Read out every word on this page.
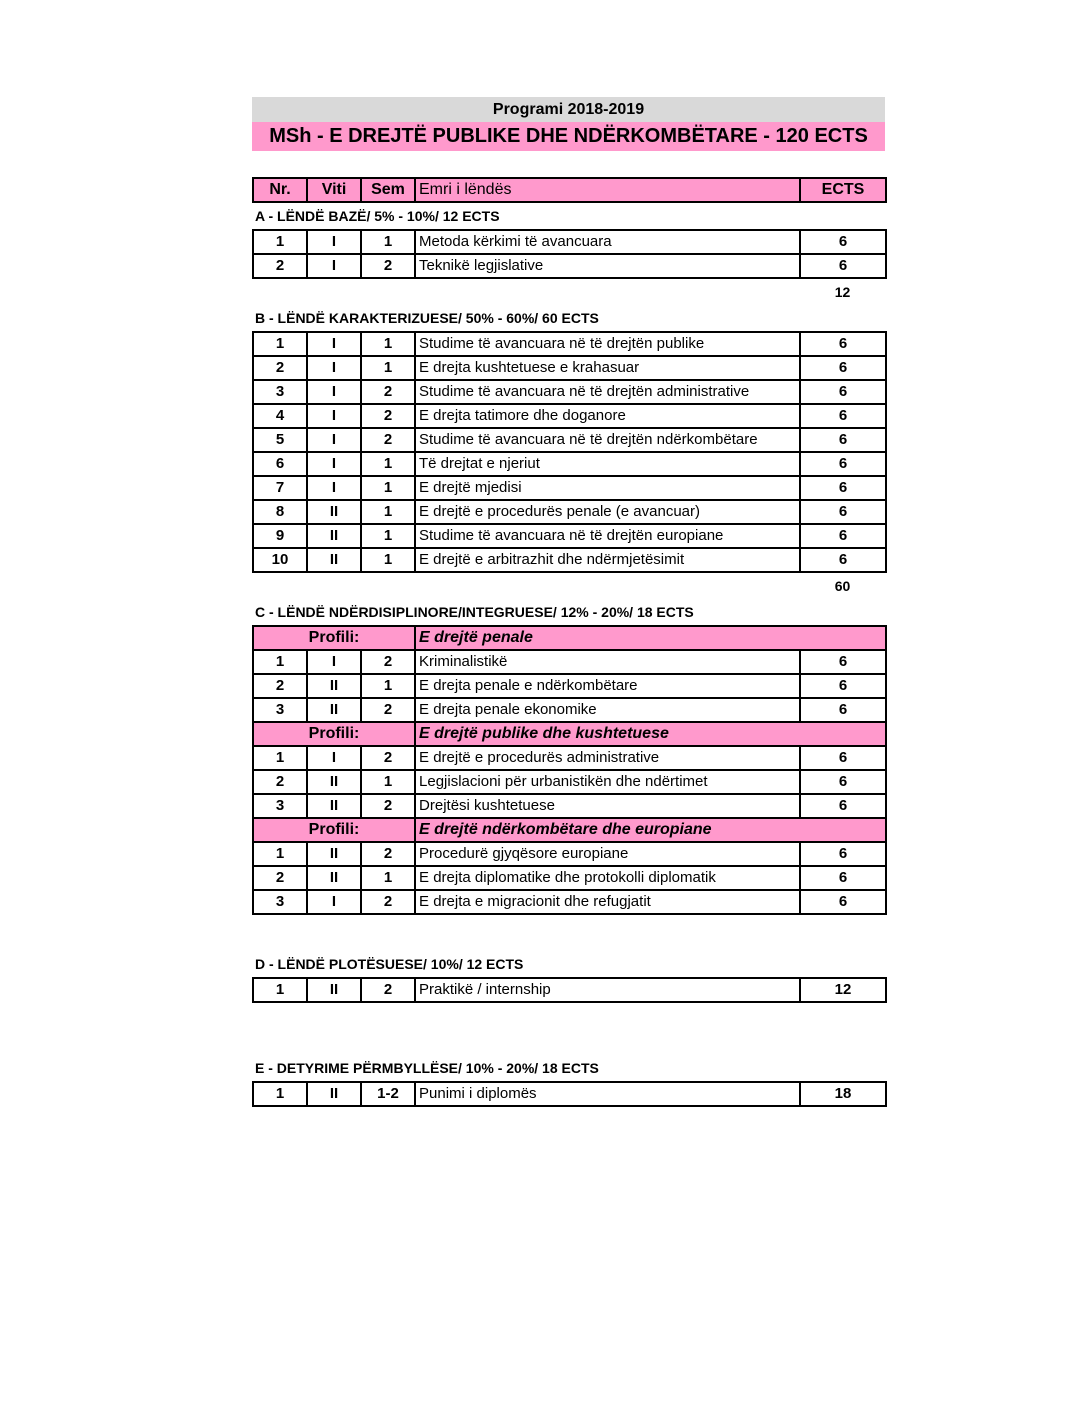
Programi 2018-2019
MSh - E DREJTË PUBLIKE DHE NDËRKOMBËTARE - 120 ECTS
Nr.	Viti	Sem	Emri i lëndës	ECTS
A - LËNDË BAZË/ 5% - 10%/ 12 ECTS
1	I	1	Metoda kërkimi të avancuara	6
2	I	2	Teknikë legjislative	6
12
B - LËNDË KARAKTERIZUESE/ 50% - 60%/ 60 ECTS
1	I	1	Studime të avancuara në të drejtën publike	6
2	I	1	E drejta kushtetuese e krahasuar	6
3	I	2	Studime të avancuara në të drejtën administrative	6
4	I	2	E drejta tatimore dhe doganore	6
5	I	2	Studime të avancuara në të drejtën ndërkombëtare	6
6	I	1	Të drejtat e njeriut	6
7	I	1	E drejtë mjedisi	6
8	II	1	E drejtë e procedurës penale (e avancuar)	6
9	II	1	Studime të avancuara në të drejtën europiane	6
10	II	1	E drejtë e arbitrazhit dhe ndërmjetësimit	6
60
C - LËNDË NDËRDISIPLINORE/INTEGRUESE/ 12% - 20%/ 18 ECTS
Profili:			E drejtë penale	
1	I	2	Kriminalistikë	6
2	II	1	E drejta penale e ndërkombëtare	6
3	II	2	E drejta penale ekonomike	6
Profili:			E drejtë publike dhe kushtetuese	
1	I	2	E drejtë e procedurës administrative	6
2	II	1	Legjislacioni për urbanistikën dhe ndërtimet	6
3	II	2	Drejtësi kushtetuese	6
Profili:			E drejtë ndërkombëtare dhe europiane	
1	II	2	Procedurë gjyqësore europiane	6
2	II	1	E drejta diplomatike dhe protokolli diplomatik	6
3	I	2	E drejta e migracionit dhe refugjatit	6
D - LËNDË PLOTËSUESE/ 10%/ 12 ECTS
1	II	2	Praktikë / internship	12
E - DETYRIME PËRMBYLLËSE/ 10% - 20%/ 18 ECTS
1	II	1-2	Punimi i diplomës	18
